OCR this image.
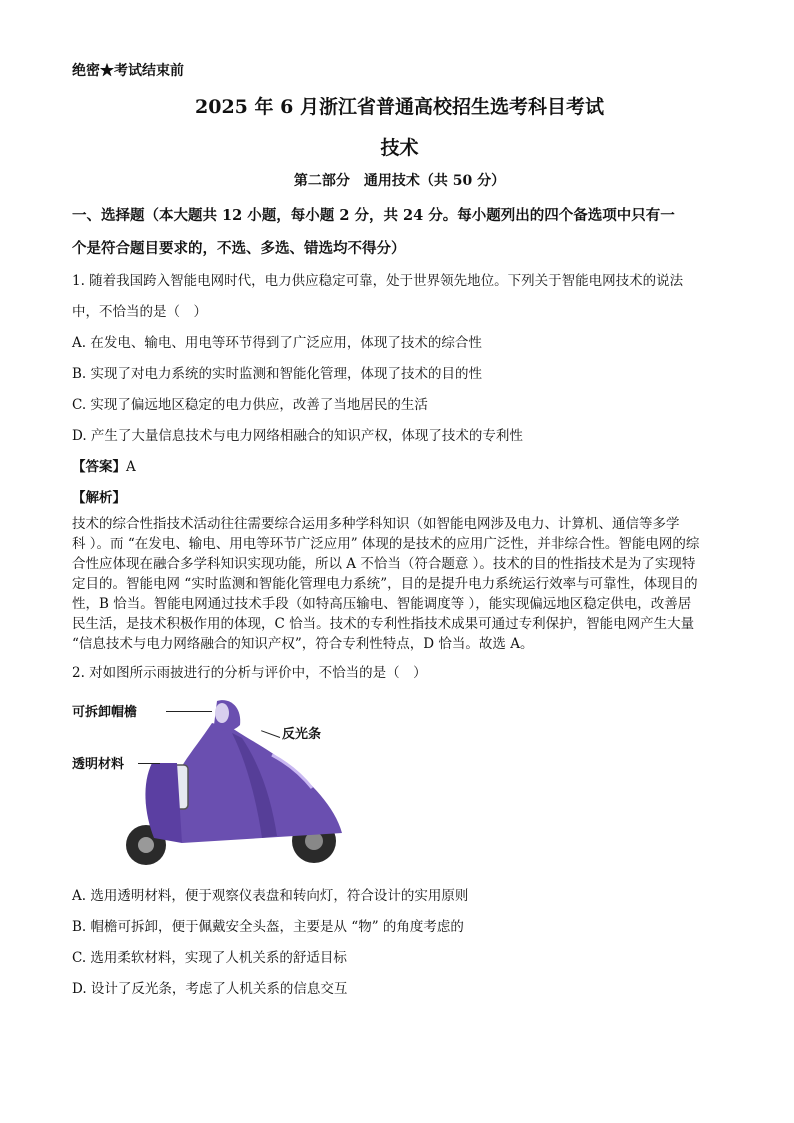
绝密★考试结束前

2025 年 6 月浙江省普通高校招生选考科目考试

技术

第二部分　通用技术（共 50 分）

一、选择题（本大题共 12 小题，每小题 2 分，共 24 分。每小题列出的四个备选项中只有一

个是符合题目要求的，不选、多选、错选均不得分）

1. 随着我国跨入智能电网时代，电力供应稳定可靠，处于世界领先地位。下列关于智能电网技术的说法

中，不恰当的是（　）

A. 在发电、输电、用电等环节得到了广泛应用，体现了技术的综合性

B. 实现了对电力系统的实时监测和智能化管理，体现了技术的目的性

C. 实现了偏远地区稳定的电力供应，改善了当地居民的生活

D. 产生了大量信息技术与电力网络相融合的知识产权，体现了技术的专利性

【答案】A

【解析】

技术的综合性指技术活动往往需要综合运用多种学科知识（如智能电网涉及电力、计算机、通信等多学

科 ）。而 “在发电、输电、用电等环节广泛应用” 体现的是技术的应用广泛性，并非综合性。智能电网的综

合性应体现在融合多学科知识实现功能，所以 A 不恰当（符合题意 ）。技术的目的性指技术是为了实现特

定目的。智能电网 “实时监测和智能化管理电力系统”，目的是提升电力系统运行效率与可靠性，体现目的

性，B 恰当。智能电网通过技术手段（如特高压输电、智能调度等 ），能实现偏远地区稳定供电，改善居

民生活，是技术积极作用的体现，C 恰当。技术的专利性指技术成果可通过专利保护，智能电网产生大量

“信息技术与电力网络融合的知识产权”，符合专利性特点，D 恰当。故选 A。

2. 对如图所示雨披进行的分析与评价中，不恰当的是（　）

可拆卸帽檐
反光条
透明材料

A. 选用透明材料，便于观察仪表盘和转向灯，符合设计的实用原则

B. 帽檐可拆卸，便于佩戴安全头盔，主要是从 “物” 的角度考虑的

C. 选用柔软材料，实现了人机关系的舒适目标

D. 设计了反光条，考虑了人机关系的信息交互
